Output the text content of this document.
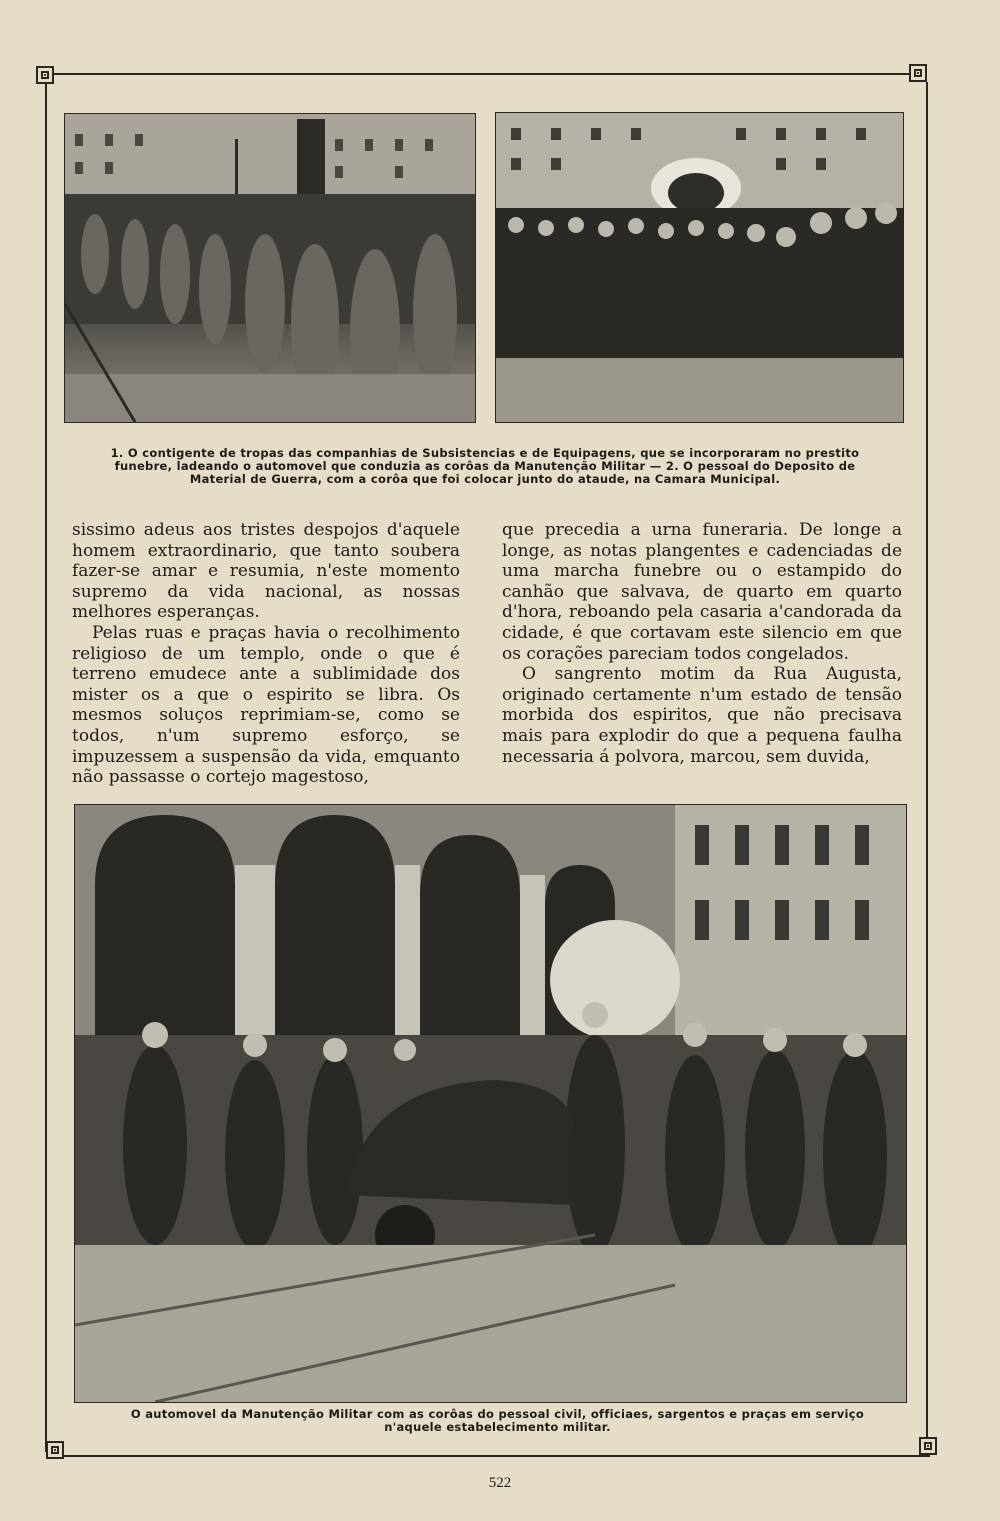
1. O contigente de tropas das companhias de Subsistencias e de Equipagens, que se incorporaram no prestito funebre, ladeando o automovel que conduzia as corôas da Manutenção Militar — 2. O pessoal do Deposito de Material de Guerra, com a corôa que foi colocar junto do ataude, na Camara Municipal.

sissimo adeus aos tristes despojos d'aquele homem extraordinario, que tanto soubera fazer-se amar e resumia, n'este momento supremo da vida nacional, as nossas melhores esperanças.

Pelas ruas e praças havia o recolhimento religioso de um templo, onde o que é terreno emudece ante a sublimidade dos mister os a que o espirito se libra. Os mesmos soluços reprimiam-se, como se todos, n'um supremo esforço, se impuzessem a suspensão da vida, emquanto não passasse o cortejo magestoso,

que precedia a urna funeraria. De longe a longe, as notas plangentes e cadenciadas de uma marcha funebre ou o estampido do canhão que salvava, de quarto em quarto d'hora, reboando pela casaria a'candorada da cidade, é que cortavam este silencio em que os corações pareciam todos congelados.

O sangrento motim da Rua Augusta, originado certamente n'um estado de tensão morbida dos espiritos, que não precisava mais para explodir do que a pequena faulha necessaria á polvora, marcou, sem duvida,

O automovel da Manutenção Militar com as corôas do pessoal civil, officiaes, sargentos e praças em serviço n'aquele estabelecimento militar.
522
